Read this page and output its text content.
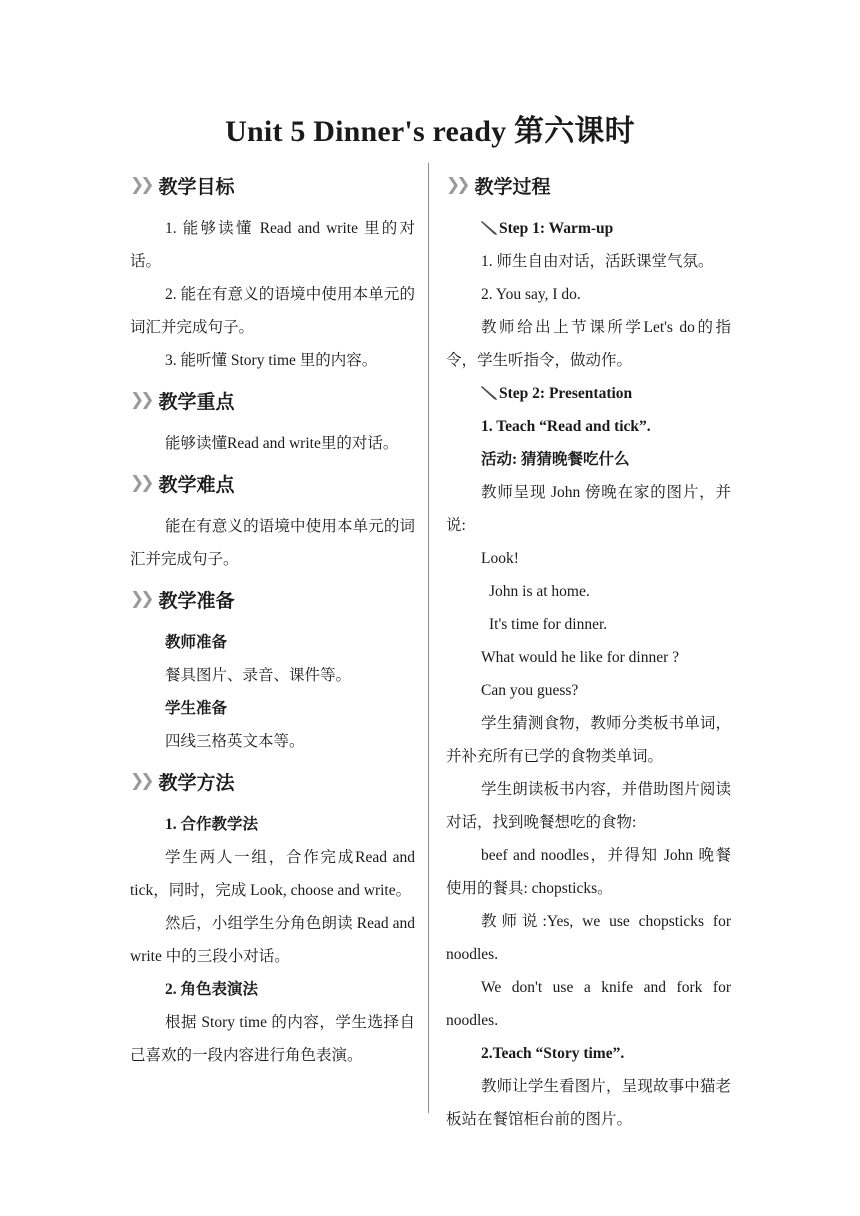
Unit 5 Dinner's ready 第六课时
❯❯ 教学目标

1. 能够读懂 Read and write 里的对话。

2. 能在有意义的语境中使用本单元的词汇并完成句子。

3. 能听懂 Story time 里的内容。

❯❯ 教学重点

能够读懂Read and write里的对话。

❯❯ 教学难点

能在有意义的语境中使用本单元的词汇并完成句子。

❯❯ 教学准备

教师准备

餐具图片、录音、课件等。

学生准备

四线三格英文本等。

❯❯ 教学方法

1. 合作教学法

学生两人一组，合作完成Read and tick，同时，完成 Look, choose and write。

然后，小组学生分角色朗读 Read and write 中的三段小对话。

2. 角色表演法

根据 Story time 的内容，学生选择自己喜欢的一段内容进行角色表演。

❯❯ 教学过程

Step 1: Warm-up

1. 师生自由对话，活跃课堂气氛。

2. You say, I do.

教师给出上节课所学Let's do的指令，学生听指令，做动作。

Step 2: Presentation

1. Teach “Read and tick”.

活动: 猜猜晚餐吃什么

教师呈现 John 傍晚在家的图片，并说:

Look!

John is at home.

It's time for dinner.

What would he like for dinner ?

Can you guess?

学生猜测食物，教师分类板书单词，并补充所有已学的食物类单词。

学生朗读板书内容，并借助图片阅读对话，找到晚餐想吃的食物:

beef and noodles，并得知 John 晚餐使用的餐具: chopsticks。

教师说:Yes, we use chopsticks for noodles.

We don't use a knife and fork for noodles.

2.Teach “Story time”.

教师让学生看图片，呈现故事中猫老板站在餐馆柜台前的图片。
